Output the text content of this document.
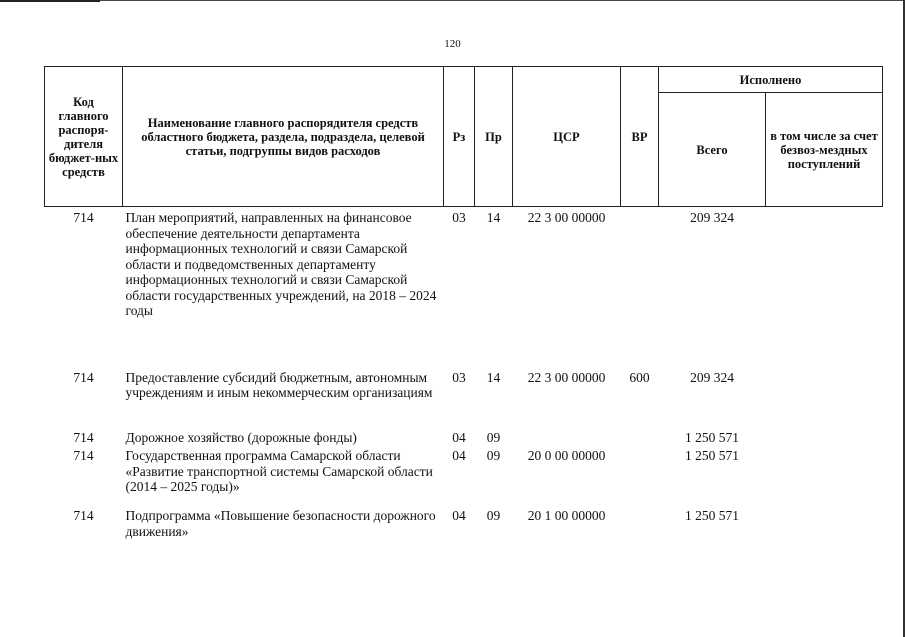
120
Код главного распоря-дителя бюджет-ных средств	Наименование главного распорядителя средств областного бюджета, раздела, подраздела, целевой статьи, подгруппы видов расходов	Рз	Пр	ЦСР	ВР	Исполнено	
						Всего	в том числе за счет безвоз-мездных поступлений
714	План мероприятий, направленных на финансовое обеспечение деятельности департамента информационных технологий и связи Самарской области и подведомственных департаменту информационных технологий и связи Самарской области государственных учреждений, на 2018 – 2024 годы	03	14	22 3 00 00000		209 324	
714	Предоставление субсидий бюджетным, автономным учреждениям и иным некоммерческим организациям	03	14	22 3 00 00000	600	209 324	
714	Дорожное хозяйство (дорожные фонды)	04	09			1 250 571	
714	Государственная программа Самарской области «Развитие транспортной системы Самарской области (2014 – 2025 годы)»	04	09	20 0 00 00000		1 250 571	
714	Подпрограмма «Повышение безопасности дорожного движения»	04	09	20 1 00 00000		1 250 571	
